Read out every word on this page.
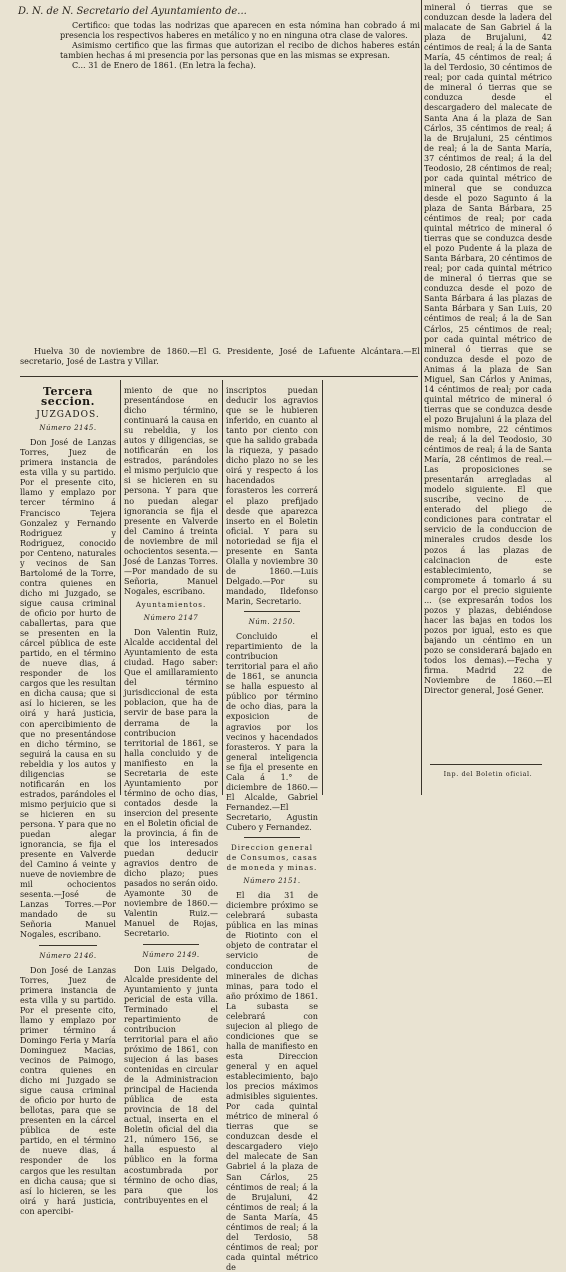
D. N. de N. Secretario del Ayuntamiento de...

Certifico: que todas las nodrizas que aparecen en esta nómina han cobrado á mi presencia los respectivos haberes en metálico y no en ninguna otra clase de valores.

Asimismo certifico que las firmas que autorizan el recibo de dichos haberes están tambien hechas á mi presencia por las personas que en las mismas se expresan.

C... 31 de Enero de 1861. (En letra la fecha).

Huelva 30 de noviembre de 1860.—El G. Presidente, José de Lafuente Alcántara.—El secretario, José de Lastra y Villar.
Tercera seccion.
JUZGADOS.
Número 2145.

Don José de Lanzas Torres, Juez de primera instancia de esta villa y su partido. Por el presente cito, llamo y emplazo por tercer término á Francisco Tejera Gonzalez y Fernando Rodriguez y Rodriguez, conocido por Centeno, naturales y vecinos de San Bartolomé de la Torre, contra quienes en dicho mi Juzgado, se sigue causa criminal de oficio por hurto de caballertas, para que se presenten en la cárcel pública de este partido, en el término de nueve dias, á responder de los cargos que les resultan en dicha causa; que si así lo hicieren, se les oirá y hará justicia, con apercibimiento de que no presentándose en dicho término, se seguirá la causa en su rebeldia y los autos y diligencias se notificarán en los estrados, parándoles el mismo perjuicio que si se hicieren en su persona. Y para que no puedan alegar ignorancia, se fija el presente en Valverde del Camino á veinte y nueve de noviembre de mil ochocientos sesenta.—José de Lanzas Torres.—Por mandado de su Señoria Manuel Nogales, escribano.

Número 2146.

Don José de Lanzas Torres, Juez de primera instancia de esta villa y su partido. Por el presente cito, llamo y emplazo por primer término á Domingo Feria y María Dominguez Macias, vecinos de Paimogo, contra quienes en dicho mi Juzgado se sigue causa criminal de oficio por hurto de bellotas, para que se presenten en la cárcel pública de este partido, en el término de nueve dias, á responder de los cargos que les resultan en dicha causa; que si así lo hicieren, se les oirá y hará justicia, con apercibi-

miento de que no presentándose en dicho término, continuará la causa en su rebeldia, y los autos y diligencias, se notificarán en los estrados, parándoles el mismo perjuicio que si se hicieren en su persona. Y para que no puedan alegar ignorancia se fija el presente en Valverde del Camino á treinta de noviembre de mil ochocientos sesenta.—José de Lanzas Torres.—Por mandado de su Señoria, Manuel Nogales, escribano.

Ayuntamientos.
Número 2147

Don Valentin Ruiz, Alcalde accidental del Ayuntamiento de esta ciudad. Hago saber: Que el amillaramiento del término jurisdiccional de esta poblacion, que ha de servir de base para la derrama de la contribucion territorial de 1861, se halla concluido y de manifiesto en la Secretaria de este Ayuntamiento por término de ocho dias, contados desde la insercion del presente en el Boletin oficial de la provincia, á fin de que los interesados puedan deducir agravios dentro de dicho plazo; pues pasados no serán oido. Ayamonte 30 de noviembre de 1860.—Valentin Ruiz.—Manuel de Rojas, Secretario.

Número 2149.

Don Luis Delgado, Alcalde presidente del Ayuntamiento y junta pericial de esta villa. Terminado el repartimiento de contribucion territorial para el año próximo de 1861, con sujecion á las bases contenidas en circular de la Administracion principal de Hacienda pública de esta provincia de 18 del actual, inserta en el Boletin oficial del dia 21, número 156, se halla espuesto al público en la forma acostumbrada por término de ocho dias, para que los contribuyentes en el

inscriptos puedan deducir los agravios que se le hubieren inferido, en cuanto al tanto por ciento con que ha salido grabada la riqueza, y pasado dicho plazo no se les oirá y respecto á los hacendados forasteros les correrá el plazo prefijado desde que aparezca inserto en el Boletin oficial. Y para su notoriedad se fija el presente en Santa Olalla y noviembre 30 de 1860.—Luis Delgado.—Por su mandado, Ildefonso Marin, Secretario.

Núm. 2150.

Concluido el repartimiento de la contribucion territorial para el año de 1861, se anuncia se halla espuesto al público por término de ocho dias, para la exposicion de agravios por los vecinos y hacendados forasteros. Y para la general inteligencia se fija el presente en Cala á 1.° de diciembre de 1860.—El Alcalde, Gabriel Fernandez.—El Secretario, Agustin Cubero y Fernandez.

Direccion general de Consumos, casas de moneda y minas.
Número 2151.

El dia 31 de diciembre próximo se celebrará subasta pública en las minas de Riotinto con el objeto de contratar el servicio de conduccion de minerales de dichas minas, para todo el año próximo de 1861. La subasta se celebrará con sujecion al pliego de condiciones que se halla de manifiesto en esta Direccion general y en aquel establecimiento, bajo los precios máximos admisibles siguientes. Por cada quintal métrico de mineral ó tierras que se conduzcan desde el descargadero viejo del malecate de San Gabriel á la plaza de San Cárlos, 25 céntimos de real; á la de Brujaluni, 42 céntimos de real; á la de Santa María, 45 céntimos de real; á la del Terdosio, 58 céntimos de real; por cada quintal métrico de

mineral ó tierras que se conduzcan desde la ladera del malacate de San Gabriel á la plaza de Brujaluni, 42 céntimos de real; á la de Santa María, 45 céntimos de real; á la del Terdosio, 30 céntimos de real; por cada quintal métrico de mineral ó tierras que se conduzca desde el descargadero del malecate de Santa Ana á la plaza de San Cárlos, 35 céntimos de real; á la de Brujaluni, 25 céntimos de real; á la de Santa María, 37 céntimos de real; á la del Teodosio, 28 céntimos de real; por cada quintal métrico de mineral que se conduzca desde el pozo Sagunto á la plaza de Santa Bárbara, 25 céntimos de real; por cada quintal métrico de mineral ó tierras que se conduzca desde el pozo Pudente á la plaza de Santa Bárbara, 20 céntimos de real; por cada quintal métrico de mineral ó tierras que se conduzca desde el pozo de Santa Bárbara á las plazas de Santa Bárbara y San Luis, 20 céntimos de real; á la de San Cárlos, 25 céntimos de real; por cada quintal métrico de mineral ó tierras que se conduzca desde el pozo de Animas á la plaza de San Miguel, San Cárlos y Animas, 14 céntimos de real; por cada quintal métrico de mineral ó tierras que se conduzca desde el pozo Brujaluni á la plaza del mismo nombre, 22 céntimos de real; á la del Teodosio, 30 céntimos de real; á la de Santa María, 28 céntimos de real.—Las proposiciones se presentarán arregladas al modelo siguiente. El que suscribe, vecino de ... enterado del pliego de condiciones para contratar el servicio de la conduccion de minerales crudos desde los pozos á las plazas de calcinacion de este establecimiento, se compromete á tomarlo á su cargo por el precio siguiente ... (se expresarán todos los pozos y plazas, debiéndose hacer las bajas en todos los pozos por igual, esto es que bajando un céntimo en un pozo se considerará bajado en todos los demas).—Fecha y firma. Madrid 22 de Noviembre de 1860.—El Director general, José Gener.

Inp. del Boletin oficial.
